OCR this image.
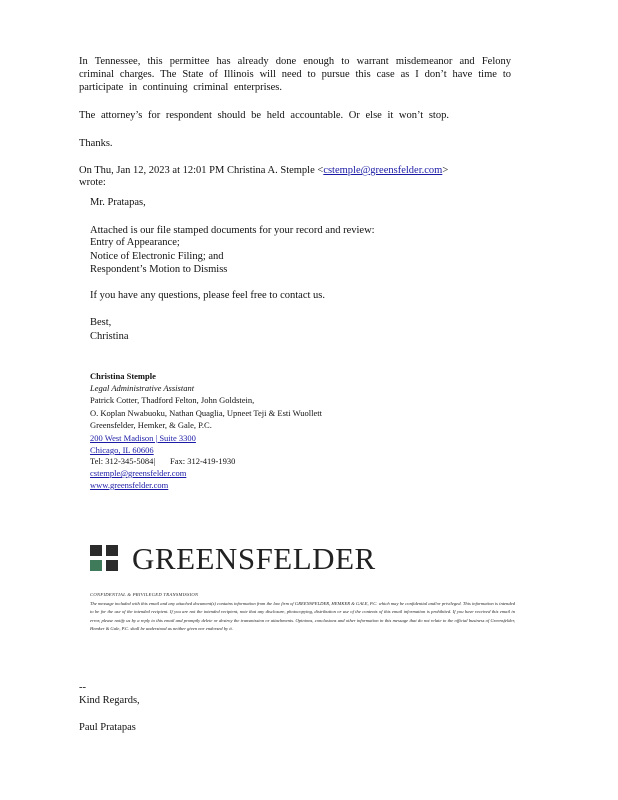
In Tennessee, this permittee has already done enough to warrant misdemeanor and Felony criminal charges. The State of Illinois will need to pursue this case as I don’t have time to participate in continuing criminal enterprises.

The attorney’s for respondent should be held accountable. Or else it won’t stop.

Thanks.

On Thu, Jan 12, 2023 at 12:01 PM Christina A. Stemple <cstemple@greensfelder.com>

wrote:

Mr. Pratapas,

Attached is our file stamped documents for your record and review:

Entry of Appearance;

Notice of Electronic Filing; and

Respondent’s Motion to Dismiss

If you have any questions, please feel free to contact us.

Best,

Christina

Christina Stemple
Legal Administrative Assistant
Patrick Cotter, Thadford Felton, John Goldstein,
O. Koplan Nwabuoku, Nathan Quaglia, Upneet Teji & Esti Wuollett
Greensfelder, Hemker, & Gale, P.C.
200 West Madison | Suite 3300
Chicago, IL 60606
Tel: 312-345-5084| Fax: 312-419-1930
cstemple@greensfelder.com
www.greensfelder.com
GREENSFELDER
CONFIDENTIAL & PRIVILEGED TRANSMISSION
The message included with this email and any attached document(s) contains information from the law firm of GREENSFELDER, HEMKER & GALE, P.C. which may be confidential and/or privileged. This information is intended to be for the use of the intended recipient. If you are not the intended recipient, note that any disclosure, photocopying, distribution or use of the contents of this email information is prohibited. If you have received this email in error, please notify us by a reply to this email and promptly delete or destroy the transmission or attachments. Opinions, conclusions and other information in this message that do not relate to the official business of Greensfelder, Hemker & Gale, P.C. shall be understood as neither given nor endorsed by it.

--

Kind Regards,

Paul Pratapas
